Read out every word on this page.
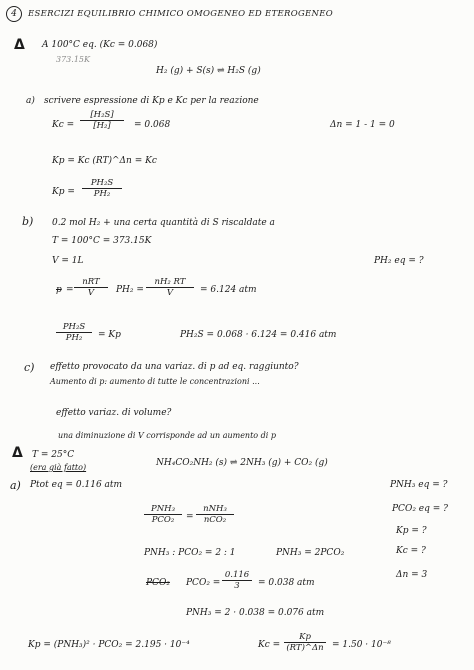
4	ESERCIZI EQUILIBRIO CHIMICO OMOGENEO ED ETEROGENEO
Δ A 100°C eq. (Kc = 0.068)
373.15K
H₂ (g) + S(s) ⇌ H₂S (g)
a) scrivere espressione di Kp e Kc per la reazione
$Kc = \frac{\text{[H₂S]}}{\text{[H₂]}} = 0.068$	Δn = 1 - 1 = 0
Kp = Kc (RT)^Δn = Kc
$Kp = \frac{\text{PH₂S}}{\text{PH₂}}$
b) 0.2 mol H₂ + una certa quantità di S riscaldate a
T = 100°C = 373.15K
V = 1L	PH₂ eq = ?
p =
nRT
V	$PH_2 = \frac{\text{nH₂ RT}}{V} = 6.124$ atm
$\frac{\text{PH₂S}}{\text{PH₂}} = Kp$	PH₂S = 0.068 · 6.124 = 0.416 atm
c) effetto provocato da una variaz. di p ad eq. raggiunto?
Aumento di p: aumento di tutte le concentrazioni ...
effetto variaz. di volume?
una diminuzione di V corrisponde ad un aumento di p
Δ T = 25°C
(era già fatto)	NH₄CO₂NH₂ (s) ⇌ 2NH₃ (g) + CO₂ (g)
a) Ptot eq = 0.116 atm	PNH₃ eq = ?
PCO₂ eq = ?
Kp = ?
Kc = ?
Δn = 3
PNH₃
PCO₂	=
nNH₃
nCO₂
PNH₃ : PCO₂ = 2 : 1	PNH₃ = 2PCO₂
PCO₂ $PCO_2 = \frac{0.116}{3} = 0.038$ atm
PNH₃ = 2 · 0.038 = 0.076 atm
Kp = (PNH₃)² · PCO₂ = 2.195 · 10⁻⁴	$Kc = \frac{Kp}{(RT)\^{}\Delta n} = 1.50 \cdot 10^{-8}$
